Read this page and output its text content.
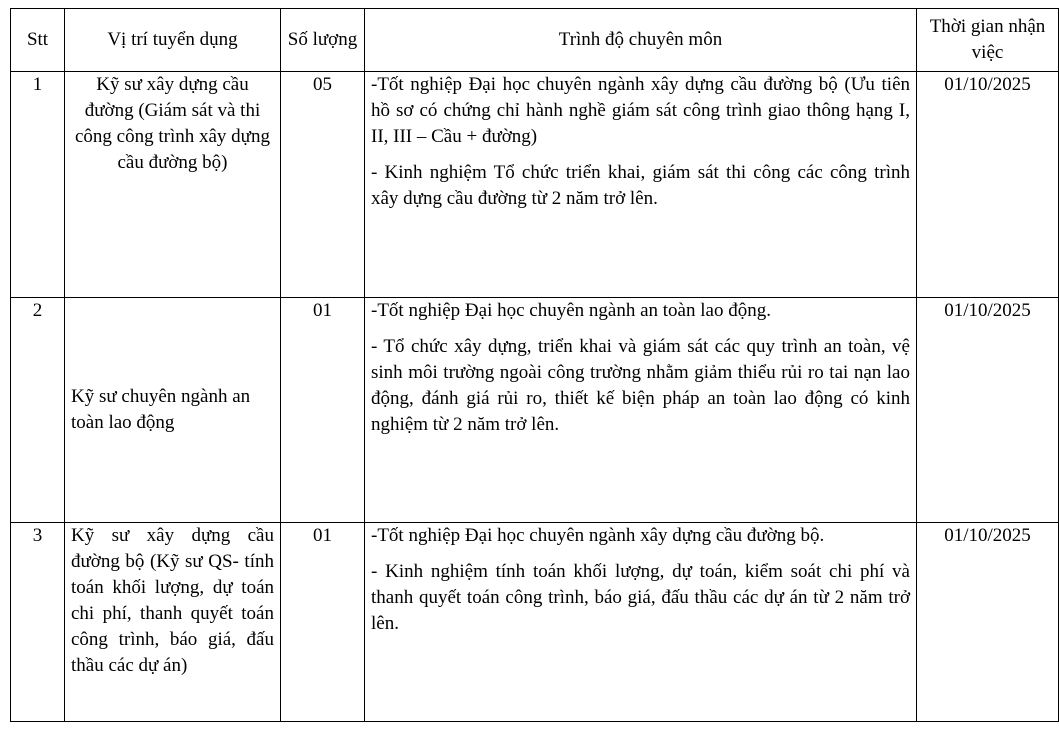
Stt	Vị trí tuyển dụng	Số lượng	Trình độ chuyên môn	Thời gian nhận việc
1	Kỹ sư xây dựng cầu đường (Giám sát và thi công công trình xây dựng cầu đường bộ)	05	-Tốt nghiệp Đại học chuyên ngành xây dựng cầu đường bộ (Ưu tiên hồ sơ có chứng chỉ hành nghề giám sát công trình giao thông hạng I, II, III – Cầu + đường)

- Kinh nghiệm Tổ chức triển khai, giám sát thi công các công trình xây dựng cầu đường từ 2 năm trở lên.	01/10/2025
2	Kỹ sư chuyên ngành an toàn lao động	01	-Tốt nghiệp Đại học chuyên ngành an toàn lao động.

- Tổ chức xây dựng, triển khai và giám sát các quy trình an toàn, vệ sinh môi trường ngoài công trường nhằm giảm thiểu rủi ro tai nạn lao động, đánh giá rủi ro, thiết kế biện pháp an toàn lao động có kinh nghiệm từ 2 năm trở lên.	01/10/2025
3	Kỹ sư xây dựng cầu đường bộ (Kỹ sư QS- tính toán khối lượng, dự toán chi phí, thanh quyết toán công trình, báo giá, đấu thầu các dự án)	01	-Tốt nghiệp Đại học chuyên ngành xây dựng cầu đường bộ.

- Kinh nghiệm tính toán khối lượng, dự toán, kiểm soát chi phí và thanh quyết toán công trình, báo giá, đấu thầu các dự án từ 2 năm trở lên.	01/10/2025
